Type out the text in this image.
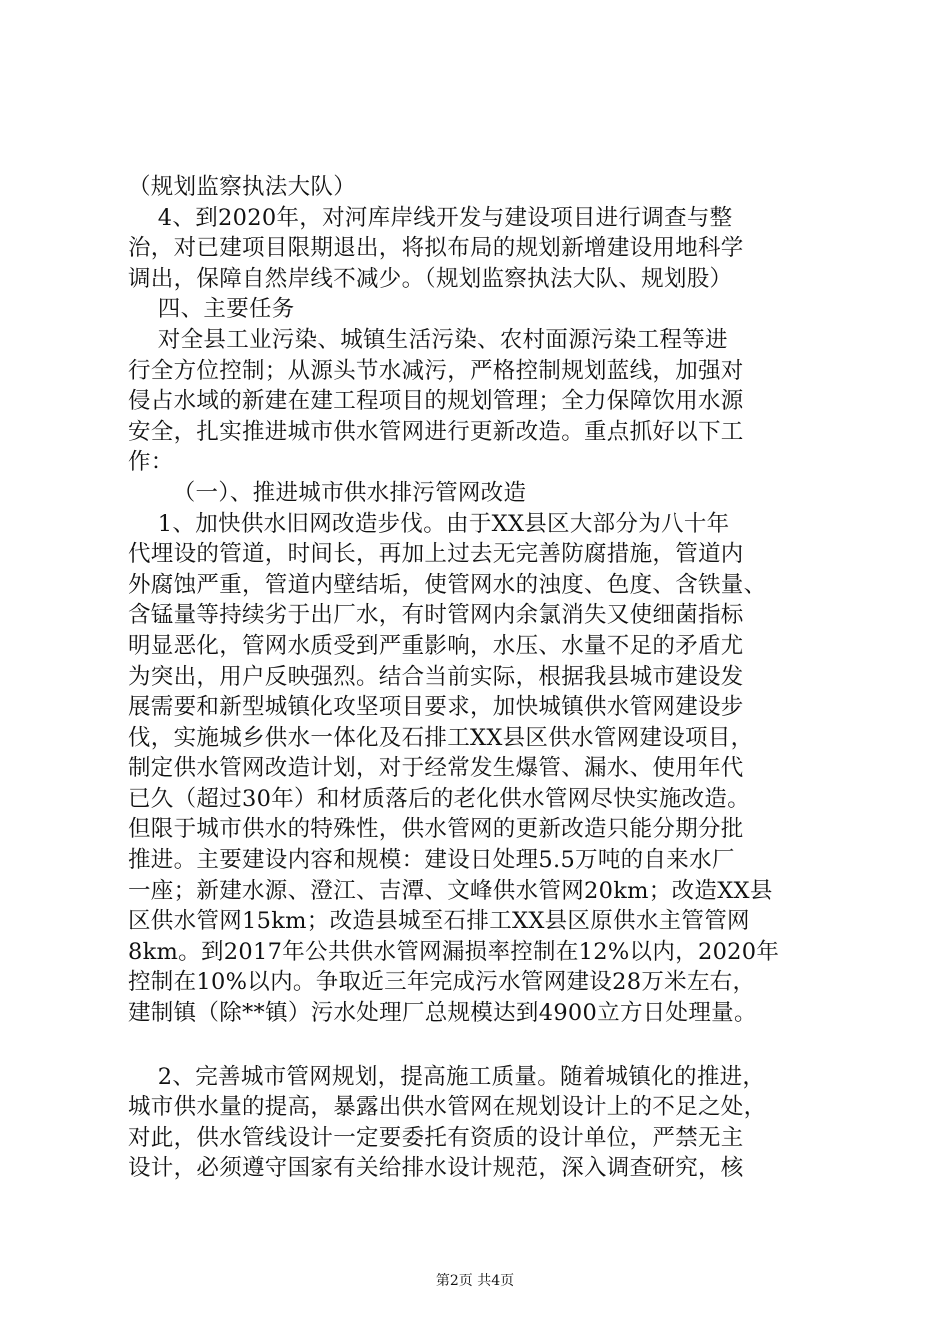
（规划监察执法大队）
4、到2020年，对河库岸线开发与建设项目进行调查与整
治，对已建项目限期退出，将拟布局的规划新增建设用地科学
调出，保障自然岸线不减少。（规划监察执法大队、规划股）
四、主要任务
对全县工业污染、城镇生活污染、农村面源污染工程等进
行全方位控制；从源头节水减污，严格控制规划蓝线，加强对
侵占水域的新建在建工程项目的规划管理；全力保障饮用水源
安全，扎实推进城市供水管网进行更新改造。重点抓好以下工
作：
（一）、推进城市供水排污管网改造
1、加快供水旧网改造步伐。由于XX县区大部分为八十年
代埋设的管道，时间长，再加上过去无完善防腐措施，管道内
外腐蚀严重，管道内壁结垢，使管网水的浊度、色度、含铁量、
含锰量等持续劣于出厂水，有时管网内余氯消失又使细菌指标
明显恶化，管网水质受到严重影响，水压、水量不足的矛盾尤
为突出，用户反映强烈。结合当前实际，根据我县城市建设发
展需要和新型城镇化攻坚项目要求，加快城镇供水管网建设步
伐，实施城乡供水一体化及石排工XX县区供水管网建设项目，
制定供水管网改造计划，对于经常发生爆管、漏水、使用年代
已久（超过30年）和材质落后的老化供水管网尽快实施改造。
但限于城市供水的特殊性，供水管网的更新改造只能分期分批
推进。主要建设内容和规模：建设日处理5.5万吨的自来水厂
一座；新建水源、澄江、吉潭、文峰供水管网20km；改造XX县
区供水管网15km；改造县城至石排工XX县区原供水主管管网
8km。到2017年公共供水管网漏损率控制在12%以内，2020年
控制在10%以内。争取近三年完成污水管网建设28万米左右，
建制镇（除**镇）污水处理厂总规模达到4900立方日处理量。
2、完善城市管网规划，提高施工质量。随着城镇化的推进，
城市供水量的提高，暴露出供水管网在规划设计上的不足之处，
对此，供水管线设计一定要委托有资质的设计单位，严禁无主
设计，必须遵守国家有关给排水设计规范，深入调查研究，核
第2页 共4页
